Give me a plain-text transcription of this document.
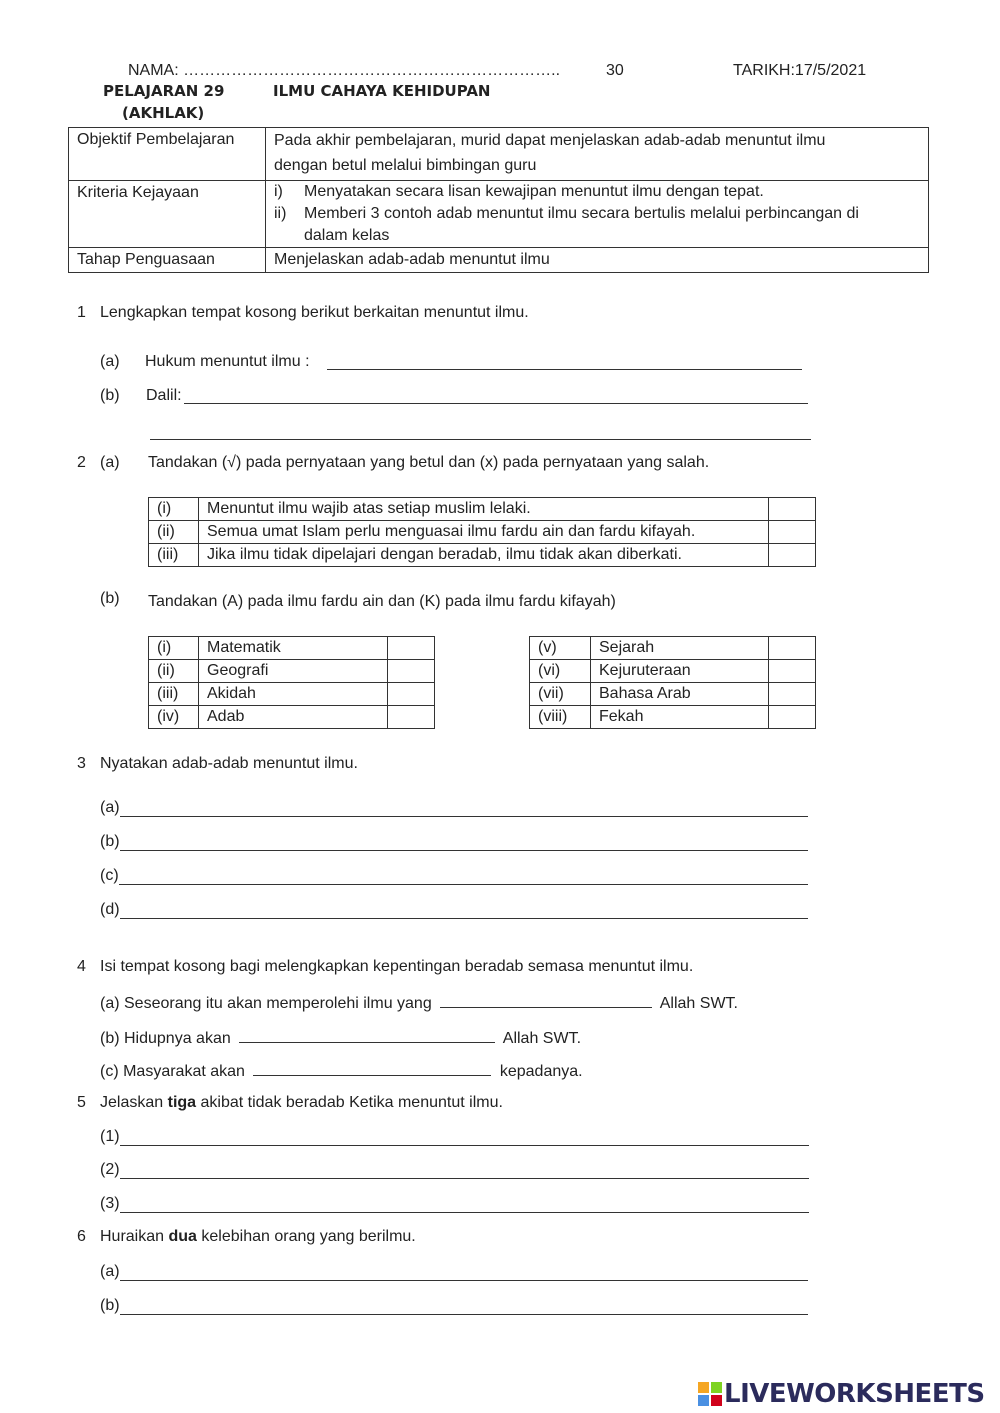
NAMA: ……………………………………………………………..	30	TARIKH:17/5/2021
PELAJARAN 29
(AKHLAK)
ILMU CAHAYA KEHIDUPAN
Objektif Pembelajaran	Pada akhir pembelajaran, murid dapat menjelaskan adab-adab menuntut ilmu
dengan betul melalui bimbingan guru

Kriteria Kejayaan	i) Menyatakan secara lisan kewajipan menuntut ilmu dengan tepat.
ii) Memberi 3 contoh adab menuntut ilmu secara bertulis melalui perbincangan di
dalam kelas

Tahap Penguasaan	Menjelaskan adab-adab menuntut ilmu
1 Lengkapkan tempat kosong berikut berkaitan menuntut ilmu.
(a) Hukum menuntut ilmu :
(b) Dalil:
2 (a) Tandakan (√) pada pernyataan yang betul dan (x) pada pernyataan yang salah.
(i)	Menuntut ilmu wajib atas setiap muslim lelaki.	
(ii)	Semua umat Islam perlu menguasai ilmu fardu ain dan fardu kifayah.	
(iii)	Jika ilmu tidak dipelajari dengan beradab, ilmu tidak akan diberkati.	
(b) Tandakan (A) pada ilmu fardu ain dan (K) pada ilmu fardu kifayah)
(i)	Matematik	
(ii)	Geografi	
(iii)	Akidah	
(iv)	Adab	
(v)	Sejarah	
(vi)	Kejuruteraan	
(vii)	Bahasa Arab	
(viii)	Fekah	
3 Nyatakan adab-adab menuntut ilmu.
(a)
(b)
(c)
(d)
4 Isi tempat kosong bagi melengkapkan kepentingan beradab semasa menuntut ilmu.
(a) Seseorang itu akan memperolehi ilmu yang	Allah SWT.
(b) Hidupnya akan	Allah SWT.
(c) Masyarakat akan	kepadanya.
5 Jelaskan tiga akibat tidak beradab Ketika menuntut ilmu.
(1)
(2)
(3)
6 Huraikan dua kelebihan orang yang berilmu.
(a)
(b)
LIVEWORKSHEETS
